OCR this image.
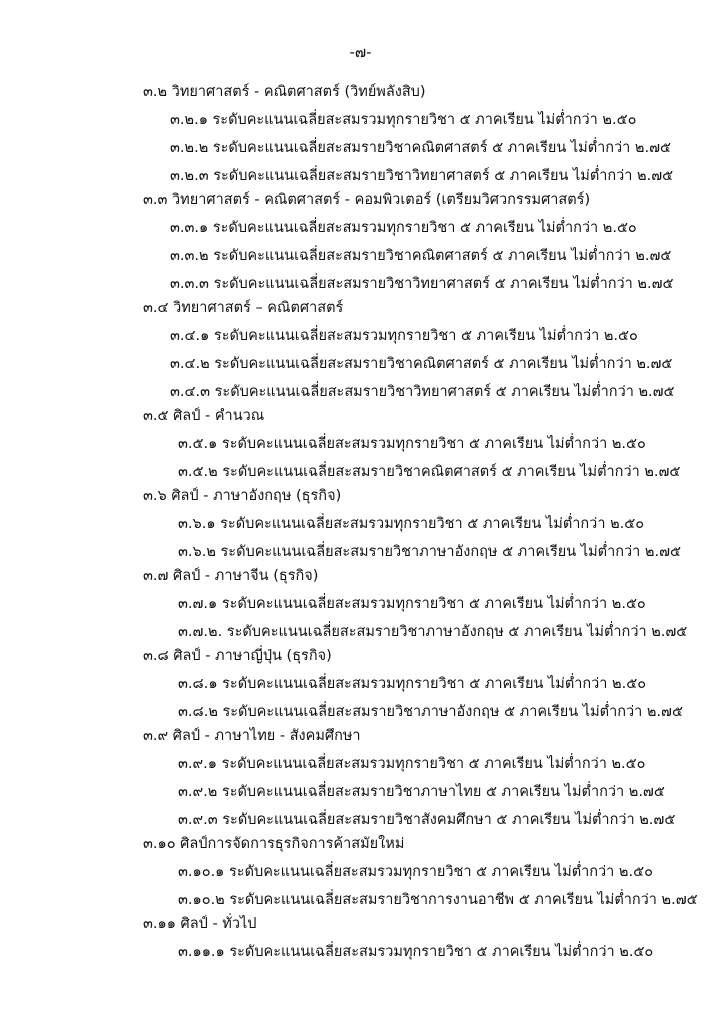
-๗-
๓.๒ วิทยาศาสตร์ - คณิตศาสตร์ (วิทย์พลังสิบ)
๓.๒.๑ ระดับคะแนนเฉลี่ยสะสมรวมทุกรายวิชา ๕ ภาคเรียน ไม่ต่ำกว่า ๒.๕๐
๓.๒.๒ ระดับคะแนนเฉลี่ยสะสมรายวิชาคณิตศาสตร์ ๕ ภาคเรียน ไม่ต่ำกว่า ๒.๗๕
๓.๒.๓ ระดับคะแนนเฉลี่ยสะสมรายวิชาวิทยาศาสตร์ ๕ ภาคเรียน ไม่ต่ำกว่า ๒.๗๕
๓.๓ วิทยาศาสตร์ - คณิตศาสตร์ - คอมพิวเตอร์ (เตรียมวิศวกรรมศาสตร์)
๓.๓.๑ ระดับคะแนนเฉลี่ยสะสมรวมทุกรายวิชา ๕ ภาคเรียน ไม่ต่ำกว่า ๒.๕๐
๓.๓.๒ ระดับคะแนนเฉลี่ยสะสมรายวิชาคณิตศาสตร์ ๕ ภาคเรียน ไม่ต่ำกว่า ๒.๗๕
๓.๓.๓ ระดับคะแนนเฉลี่ยสะสมรายวิชาวิทยาศาสตร์ ๕ ภาคเรียน ไม่ต่ำกว่า ๒.๗๕
๓.๔ วิทยาศาสตร์ – คณิตศาสตร์
๓.๔.๑ ระดับคะแนนเฉลี่ยสะสมรวมทุกรายวิชา ๕ ภาคเรียน ไม่ต่ำกว่า ๒.๕๐
๓.๔.๒ ระดับคะแนนเฉลี่ยสะสมรายวิชาคณิตศาสตร์ ๕ ภาคเรียน ไม่ต่ำกว่า ๒.๗๕
๓.๔.๓ ระดับคะแนนเฉลี่ยสะสมรายวิชาวิทยาศาสตร์ ๕ ภาคเรียน ไม่ต่ำกว่า ๒.๗๕
๓.๕ ศิลป์ - คำนวณ
๓.๕.๑ ระดับคะแนนเฉลี่ยสะสมรวมทุกรายวิชา ๕ ภาคเรียน ไม่ต่ำกว่า ๒.๕๐
๓.๕.๒ ระดับคะแนนเฉลี่ยสะสมรายวิชาคณิตศาสตร์ ๕ ภาคเรียน ไม่ต่ำกว่า ๒.๗๕
๓.๖ ศิลป์ - ภาษาอังกฤษ (ธุรกิจ)
๓.๖.๑ ระดับคะแนนเฉลี่ยสะสมรวมทุกรายวิชา ๕ ภาคเรียน ไม่ต่ำกว่า ๒.๕๐
๓.๖.๒ ระดับคะแนนเฉลี่ยสะสมรายวิชาภาษาอังกฤษ ๕ ภาคเรียน ไม่ต่ำกว่า ๒.๗๕
๓.๗ ศิลป์ - ภาษาจีน (ธุรกิจ)
๓.๗.๑ ระดับคะแนนเฉลี่ยสะสมรวมทุกรายวิชา ๕ ภาคเรียน ไม่ต่ำกว่า ๒.๕๐
๓.๗.๒. ระดับคะแนนเฉลี่ยสะสมรายวิชาภาษาอังกฤษ ๕ ภาคเรียน ไม่ต่ำกว่า ๒.๗๕
๓.๘ ศิลป์ - ภาษาญี่ปุ่น (ธุรกิจ)
๓.๘.๑ ระดับคะแนนเฉลี่ยสะสมรวมทุกรายวิชา ๕ ภาคเรียน ไม่ต่ำกว่า ๒.๕๐
๓.๘.๒ ระดับคะแนนเฉลี่ยสะสมรายวิชาภาษาอังกฤษ ๕ ภาคเรียน ไม่ต่ำกว่า ๒.๗๕
๓.๙ ศิลป์ - ภาษาไทย - สังคมศึกษา
๓.๙.๑ ระดับคะแนนเฉลี่ยสะสมรวมทุกรายวิชา ๕ ภาคเรียน ไม่ต่ำกว่า ๒.๕๐
๓.๙.๒ ระดับคะแนนเฉลี่ยสะสมรายวิชาภาษาไทย ๕ ภาคเรียน ไม่ต่ำกว่า ๒.๗๕
๓.๙.๓ ระดับคะแนนเฉลี่ยสะสมรายวิชาสังคมศึกษา ๕ ภาคเรียน ไม่ต่ำกว่า ๒.๗๕
๓.๑๐ ศิลป์การจัดการธุรกิจการค้าสมัยใหม่
๓.๑๐.๑ ระดับคะแนนเฉลี่ยสะสมรวมทุกรายวิชา ๕ ภาคเรียน ไม่ต่ำกว่า ๒.๕๐
๓.๑๐.๒ ระดับคะแนนเฉลี่ยสะสมรายวิชาการงานอาชีพ ๕ ภาคเรียน ไม่ต่ำกว่า ๒.๗๕
๓.๑๑ ศิลป์ - ทั่วไป
๓.๑๑.๑ ระดับคะแนนเฉลี่ยสะสมรวมทุกรายวิชา ๕ ภาคเรียน ไม่ต่ำกว่า ๒.๕๐
